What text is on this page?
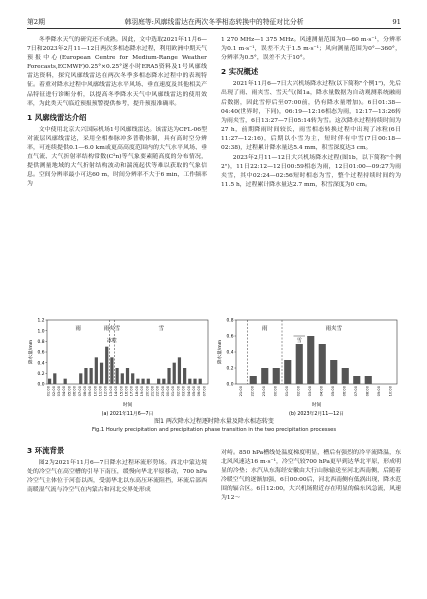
第2期	韩羽庭等:风廓线雷达在两次冬季相态转换中的特征对比分析	91

冬季降水天气的研究还不成熟。因此，文中选取2021年11月6—7日和2023年2月11—12日两次多相态降水过程，利用欧洲中期天气预报中心(European Centre for Medium-Range Weather Forecasts,ECMWF)0.25°×0.25°逐小时ERA5资料及1号风廓线雷达资料，探究风廓线雷达在两次冬季多相态降水过程中的表现特征。着重对降水过程中风廓线雷达水平风场、垂直速度及其他相关产品特征进行诊断分析，以提高冬季降水天气中风廓线雷达的使用效率，为此类天气临近预报预警提供参考，提升预报准确率。

1 风廓线雷达介绍

文中使用北京大兴国际机场1号风廓线雷达。该雷达为CFL-06型对流层风廓线雷达，采用全相参脉冲多普勒体制，具有高时空分辨率，可连续提供0.1—6.0 km或更高高度范围内的大气水平风场、垂直气流、大气折射率结构常数(C²n)等气象要素随高度的分布情况，提供测量地域的大气折射结构波动和湍流起伏等难以获取的气象信息。空间分辨率最小可达60 m，时间分辨率不大于6 min，工作频率为

1 270 MHz—1 375 MHz。风速测量范围为0—60 m·s⁻¹，分辨率为0.1 m·s⁻¹，误差不大于1.5 m·s⁻¹；风向测量范围为0°—360°，分辨率为0.5°，误差不大于10°。

2 实况概述

2021年11月6—7日大兴机场降水过程(以下简称"个例1")，先后出现了雨、雨夹雪、雪天气(图1a，降水量数据为自动观测系统融雨后数据，因此雪停后至07:00前，仍有降水量增加)。6日01:38—04:40(世界时，下同)，06:19—12:16相态为雨，12:17—13:26转为雨夹雪，6日13:27—7日05:14转为雪。这次降水过程持续时间为27 h，前期降雨时间较长，雨雪相态转换过程中出现了冰粒(6日11:27—12:16)，后期以小雪为主，短时伴有中雪(7日00:18—02:38)，过程累计降水量达5.4 mm，积雪深度达3 cm。

2023年2月11—12日大兴机场降水过程(图1b，以下简称"个例2")，11日22:12—12日00:59相态为雨，12日01:00—09:27为雨夹雪，其中02:24—02:56短时相态为雪，整个过程持续时间约为11.5 h，过程累计降水量达2.7 mm，积雪深度为0 cm。

雨	雨夹雪	雪
0.0
0.2
0.4
0.6
0.8
1.0
1.2
降水量/mm
01:00 02:00 03:00 04:00 05:00 06:00 07:00 08:00 09:00 10:00 11:00 12:00 13:00 14:00 15:00 16:00 17:00 18:00 19:00 20:00 21:00 22:00 23:00 00:00 01:00 02:00 03:00 04:00 05:00 06:00 07:00
时间
(a) 2021年11月6—7日
冰粒
雨	雨夹雪
0.0
0.2
0.4
0.6
0.8
降水量/mm
21:00 22:00 23:00 00:00 01:00 02:00 03:00 04:00 05:00 06:00 07:00 08:00 09:00 10:00
时间
(b) 2023年2月11—12日
雪
图1 两次降水过程逐时降水量及降水相态转变
Fig.1 Hourly precipitation and precipitation phase transition in the two precipitation processes
3 环流背景

图2为2021年11月6—7日降水过程环流形势场。西北中蒙边境处的冷空气在高空槽的引导下南压，缓慢向华北平原移动，700 hPa冷空气主体位于河套以西，受弱华北以东高压环流阻挡，环流后部西南暖湿气流与冷空气在内蒙古和河北交界处形成

对峙。850 hPa槽线处温度梯度明显，槽后有强烈的冷平流降温，东北风风速达16 m·s⁻¹，冷空气较700 hPa更早到达华北平原，形成明显的冷垫；水汽从东海经安徽由大行山脉输送至河北西南侧，后随着冷暖空气的逐渐加强，6日00:00后，河北西南侧有低涡出现，降水范围的辐合区。6日12:00，大兴机场附近存在明显的偏东风急流，风速为12～
